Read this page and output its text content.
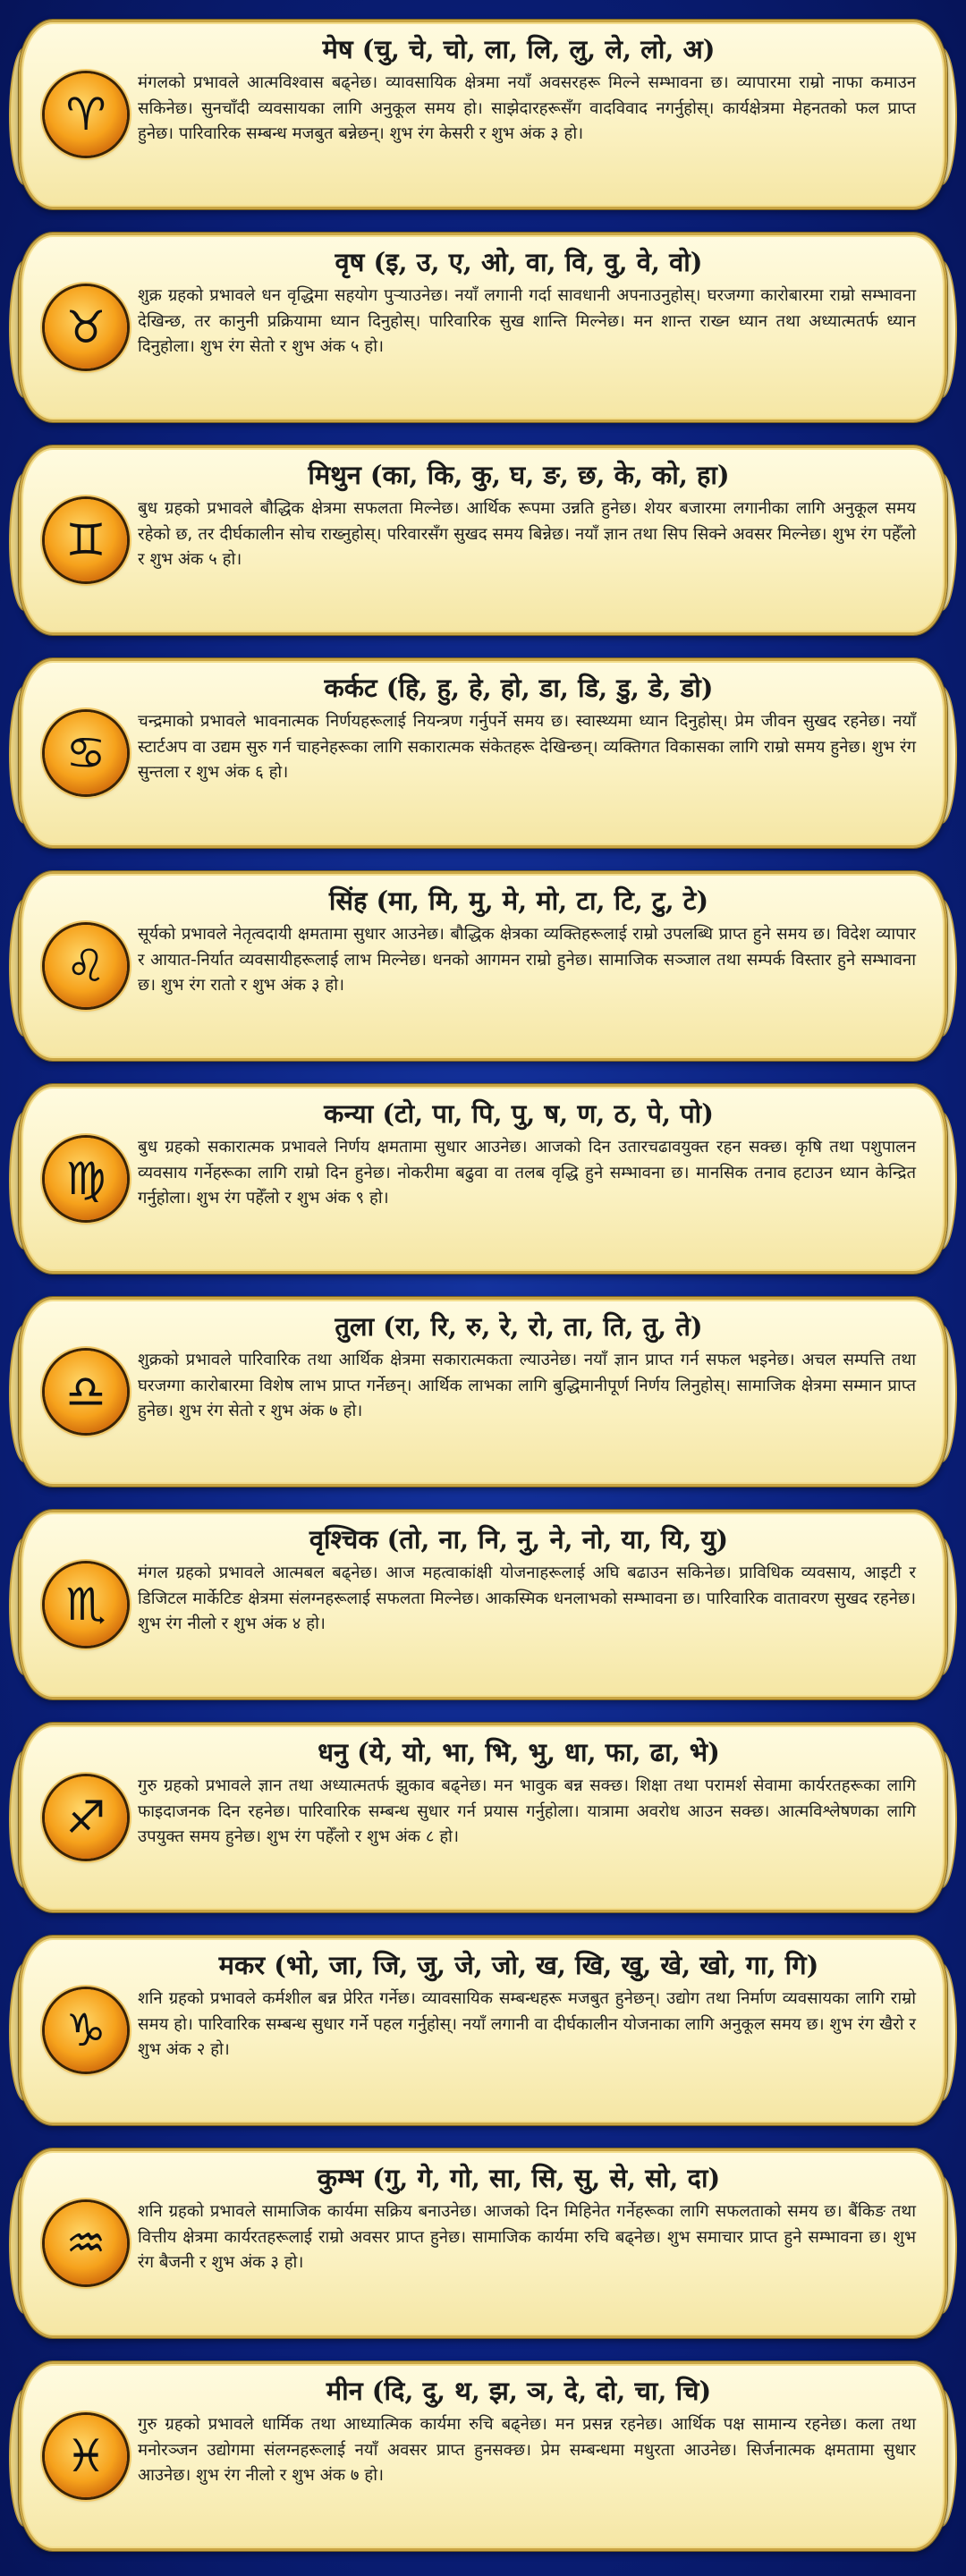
♈
मेष (चु, चे, चो, ला, लि, लु, ले, लो, अ)
मंगलको प्रभावले आत्मविश्वास बढ्नेछ। व्यावसायिक क्षेत्रमा नयाँ अवसरहरू मिल्ने सम्भावना छ। व्यापारमा राम्रो नाफा कमाउन सकिनेछ। सुनचाँदी व्यवसायका लागि अनुकूल समय हो। साझेदारहरूसँग वादविवाद नगर्नुहोस्। कार्यक्षेत्रमा मेहनतको फल प्राप्त हुनेछ। पारिवारिक सम्बन्ध मजबुत बन्नेछन्। शुभ रंग केसरी र शुभ अंक ३ हो।
♉
वृष (इ, उ, ए, ओ, वा, वि, वु, वे, वो)
शुक्र ग्रहको प्रभावले धन वृद्धिमा सहयोग पुऱ्याउनेछ। नयाँ लगानी गर्दा सावधानी अपनाउनुहोस्। घरजग्गा कारोबारमा राम्रो सम्भावना देखिन्छ, तर कानुनी प्रक्रियामा ध्यान दिनुहोस्। पारिवारिक सुख शान्ति मिल्नेछ। मन शान्त राख्न ध्यान तथा अध्यात्मतर्फ ध्यान दिनुहोला। शुभ रंग सेतो र शुभ अंक ५ हो।
♊
मिथुन (का, कि, कु, घ, ङ, छ, के, को, हा)
बुध ग्रहको प्रभावले बौद्धिक क्षेत्रमा सफलता मिल्नेछ। आर्थिक रूपमा उन्नति हुनेछ। शेयर बजारमा लगानीका लागि अनुकूल समय रहेको छ, तर दीर्घकालीन सोच राख्नुहोस्। परिवारसँग सुखद समय बिन्नेछ। नयाँ ज्ञान तथा सिप सिक्ने अवसर मिल्नेछ। शुभ रंग पहेँलो र शुभ अंक ५ हो।
♋
कर्कट (हि, हु, हे, हो, डा, डि, डु, डे, डो)
चन्द्रमाको प्रभावले भावनात्मक निर्णयहरूलाई नियन्त्रण गर्नुपर्ने समय छ। स्वास्थ्यमा ध्यान दिनुहोस्। प्रेम जीवन सुखद रहनेछ। नयाँ स्टार्टअप वा उद्यम सुरु गर्न चाहनेहरूका लागि सकारात्मक संकेतहरू देखिन्छन्। व्यक्तिगत विकासका लागि राम्रो समय हुनेछ। शुभ रंग सुन्तला र शुभ अंक ६ हो।
♌
सिंह (मा, मि, मु, मे, मो, टा, टि, टु, टे)
सूर्यको प्रभावले नेतृत्वदायी क्षमतामा सुधार आउनेछ। बौद्धिक क्षेत्रका व्यक्तिहरूलाई राम्रो उपलब्धि प्राप्त हुने समय छ। विदेश व्यापार र आयात-निर्यात व्यवसायीहरूलाई लाभ मिल्नेछ। धनको आगमन राम्रो हुनेछ। सामाजिक सञ्जाल तथा सम्पर्क विस्तार हुने सम्भावना छ। शुभ रंग रातो र शुभ अंक ३ हो।
♍
कन्या (टो, पा, पि, पु, ष, ण, ठ, पे, पो)
बुध ग्रहको सकारात्मक प्रभावले निर्णय क्षमतामा सुधार आउनेछ। आजको दिन उतारचढावयुक्त रहन सक्छ। कृषि तथा पशुपालन व्यवसाय गर्नेहरूका लागि राम्रो दिन हुनेछ। नोकरीमा बढुवा वा तलब वृद्धि हुने सम्भावना छ। मानसिक तनाव हटाउन ध्यान केन्द्रित गर्नुहोला। शुभ रंग पहेँलो र शुभ अंक ९ हो।
♎
तुला (रा, रि, रु, रे, रो, ता, ति, तु, ते)
शुक्रको प्रभावले पारिवारिक तथा आर्थिक क्षेत्रमा सकारात्मकता ल्याउनेछ। नयाँ ज्ञान प्राप्त गर्न सफल भइनेछ। अचल सम्पत्ति तथा घरजग्गा कारोबारमा विशेष लाभ प्राप्त गर्नेछन्। आर्थिक लाभका लागि बुद्धिमानीपूर्ण निर्णय लिनुहोस्। सामाजिक क्षेत्रमा सम्मान प्राप्त हुनेछ। शुभ रंग सेतो र शुभ अंक ७ हो।
♏
वृश्चिक (तो, ना, नि, नु, ने, नो, या, यि, यु)
मंगल ग्रहको प्रभावले आत्मबल बढ्नेछ। आज महत्वाकांक्षी योजनाहरूलाई अघि बढाउन सकिनेछ। प्राविधिक व्यवसाय, आइटी र डिजिटल मार्केटिङ क्षेत्रमा संलग्नहरूलाई सफलता मिल्नेछ। आकस्मिक धनलाभको सम्भावना छ। पारिवारिक वातावरण सुखद रहनेछ। शुभ रंग नीलो र शुभ अंक ४ हो।
♐
धनु (ये, यो, भा, भि, भु, धा, फा, ढा, भे)
गुरु ग्रहको प्रभावले ज्ञान तथा अध्यात्मतर्फ झुकाव बढ्नेछ। मन भावुक बन्न सक्छ। शिक्षा तथा परामर्श सेवामा कार्यरतहरूका लागि फाइदाजनक दिन रहनेछ। पारिवारिक सम्बन्ध सुधार गर्न प्रयास गर्नुहोला। यात्रामा अवरोध आउन सक्छ। आत्मविश्लेषणका लागि उपयुक्त समय हुनेछ। शुभ रंग पहेँलो र शुभ अंक ८ हो।
♑
मकर (भो, जा, जि, जु, जे, जो, ख, खि, खु, खे, खो, गा, गि)
शनि ग्रहको प्रभावले कर्मशील बन्न प्रेरित गर्नेछ। व्यावसायिक सम्बन्धहरू मजबुत हुनेछन्। उद्योग तथा निर्माण व्यवसायका लागि राम्रो समय हो। पारिवारिक सम्बन्ध सुधार गर्ने पहल गर्नुहोस्। नयाँ लगानी वा दीर्घकालीन योजनाका लागि अनुकूल समय छ। शुभ रंग खैरो र शुभ अंक २ हो।
♒
कुम्भ (गु, गे, गो, सा, सि, सु, से, सो, दा)
शनि ग्रहको प्रभावले सामाजिक कार्यमा सक्रिय बनाउनेछ। आजको दिन मिहिनेत गर्नेहरूका लागि सफलताको समय छ। बैंकिङ तथा वित्तीय क्षेत्रमा कार्यरतहरूलाई राम्रो अवसर प्राप्त हुनेछ। सामाजिक कार्यमा रुचि बढ्नेछ। शुभ समाचार प्राप्त हुने सम्भावना छ। शुभ रंग बैजनी र शुभ अंक ३ हो।
♓
मीन (दि, दु, थ, झ, ञ, दे, दो, चा, चि)
गुरु ग्रहको प्रभावले धार्मिक तथा आध्यात्मिक कार्यमा रुचि बढ्नेछ। मन प्रसन्न रहनेछ। आर्थिक पक्ष सामान्य रहनेछ। कला तथा मनोरञ्जन उद्योगमा संलग्नहरूलाई नयाँ अवसर प्राप्त हुनसक्छ। प्रेम सम्बन्धमा मधुरता आउनेछ। सिर्जनात्मक क्षमतामा सुधार आउनेछ। शुभ रंग नीलो र शुभ अंक ७ हो।
